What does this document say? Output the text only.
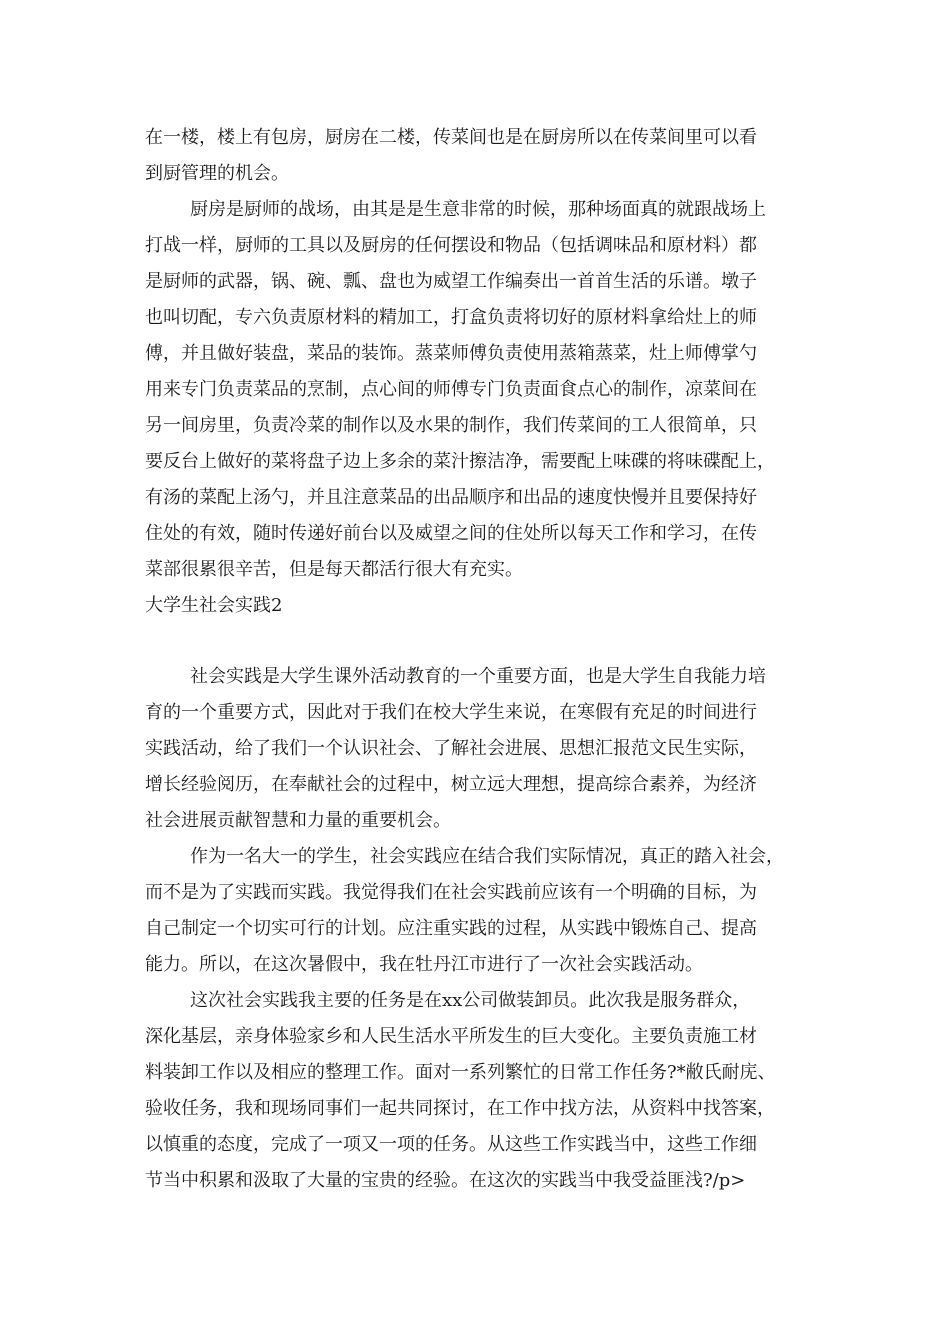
在一楼，楼上有包房，厨房在二楼，传菜间也是在厨房所以在传菜间里可以看
到厨管理的机会。
厨房是厨师的战场，由其是是生意非常的时候，那种场面真的就跟战场上
打战一样，厨师的工具以及厨房的任何摆设和物品（包括调味品和原材料）都
是厨师的武器，锅、碗、瓢、盘也为威望工作编奏出一首首生活的乐谱。墩子
也叫切配，专六负责原材料的精加工，打盒负责将切好的原材料拿给灶上的师
傅，并且做好装盘，菜品的装饰。蒸菜师傅负责使用蒸箱蒸菜，灶上师傅掌勺
用来专门负责菜品的烹制，点心间的师傅专门负责面食点心的制作，凉菜间在
另一间房里，负责冷菜的制作以及水果的制作，我们传菜间的工人很简单，只
要反台上做好的菜将盘子边上多余的菜汁擦洁净，需要配上味碟的将味碟配上，
有汤的菜配上汤勺，并且注意菜品的出品顺序和出品的速度快慢并且要保持好
住处的有效，随时传递好前台以及威望之间的住处所以每天工作和学习，在传
菜部很累很辛苦，但是每天都活行很大有充实。
大学生社会实践2
社会实践是大学生课外活动教育的一个重要方面，也是大学生自我能力培
育的一个重要方式，因此对于我们在校大学生来说，在寒假有充足的时间进行
实践活动，给了我们一个认识社会、了解社会进展、思想汇报范文民生实际，
增长经验阅历，在奉献社会的过程中，树立远大理想，提高综合素养，为经济
社会进展贡献智慧和力量的重要机会。
作为一名大一的学生，社会实践应在结合我们实际情况，真正的踏入社会，
而不是为了实践而实践。我觉得我们在社会实践前应该有一个明确的目标，为
自己制定一个切实可行的计划。应注重实践的过程，从实践中锻炼自己、提高
能力。所以，在这次暑假中，我在牡丹江市进行了一次社会实践活动。
这次社会实践我主要的任务是在xx公司做装卸员。此次我是服务群众，
深化基层，亲身体验家乡和人民生活水平所发生的巨大变化。主要负责施工材
料装卸工作以及相应的整理工作。面对一系列繁忙的日常工作任务?*敝氏耐庑、
验收任务，我和现场同事们一起共同探讨，在工作中找方法，从资料中找答案，
以慎重的态度，完成了一项又一项的任务。从这些工作实践当中，这些工作细
节当中积累和汲取了大量的宝贵的经验。在这次的实践当中我受益匪浅?/p>
